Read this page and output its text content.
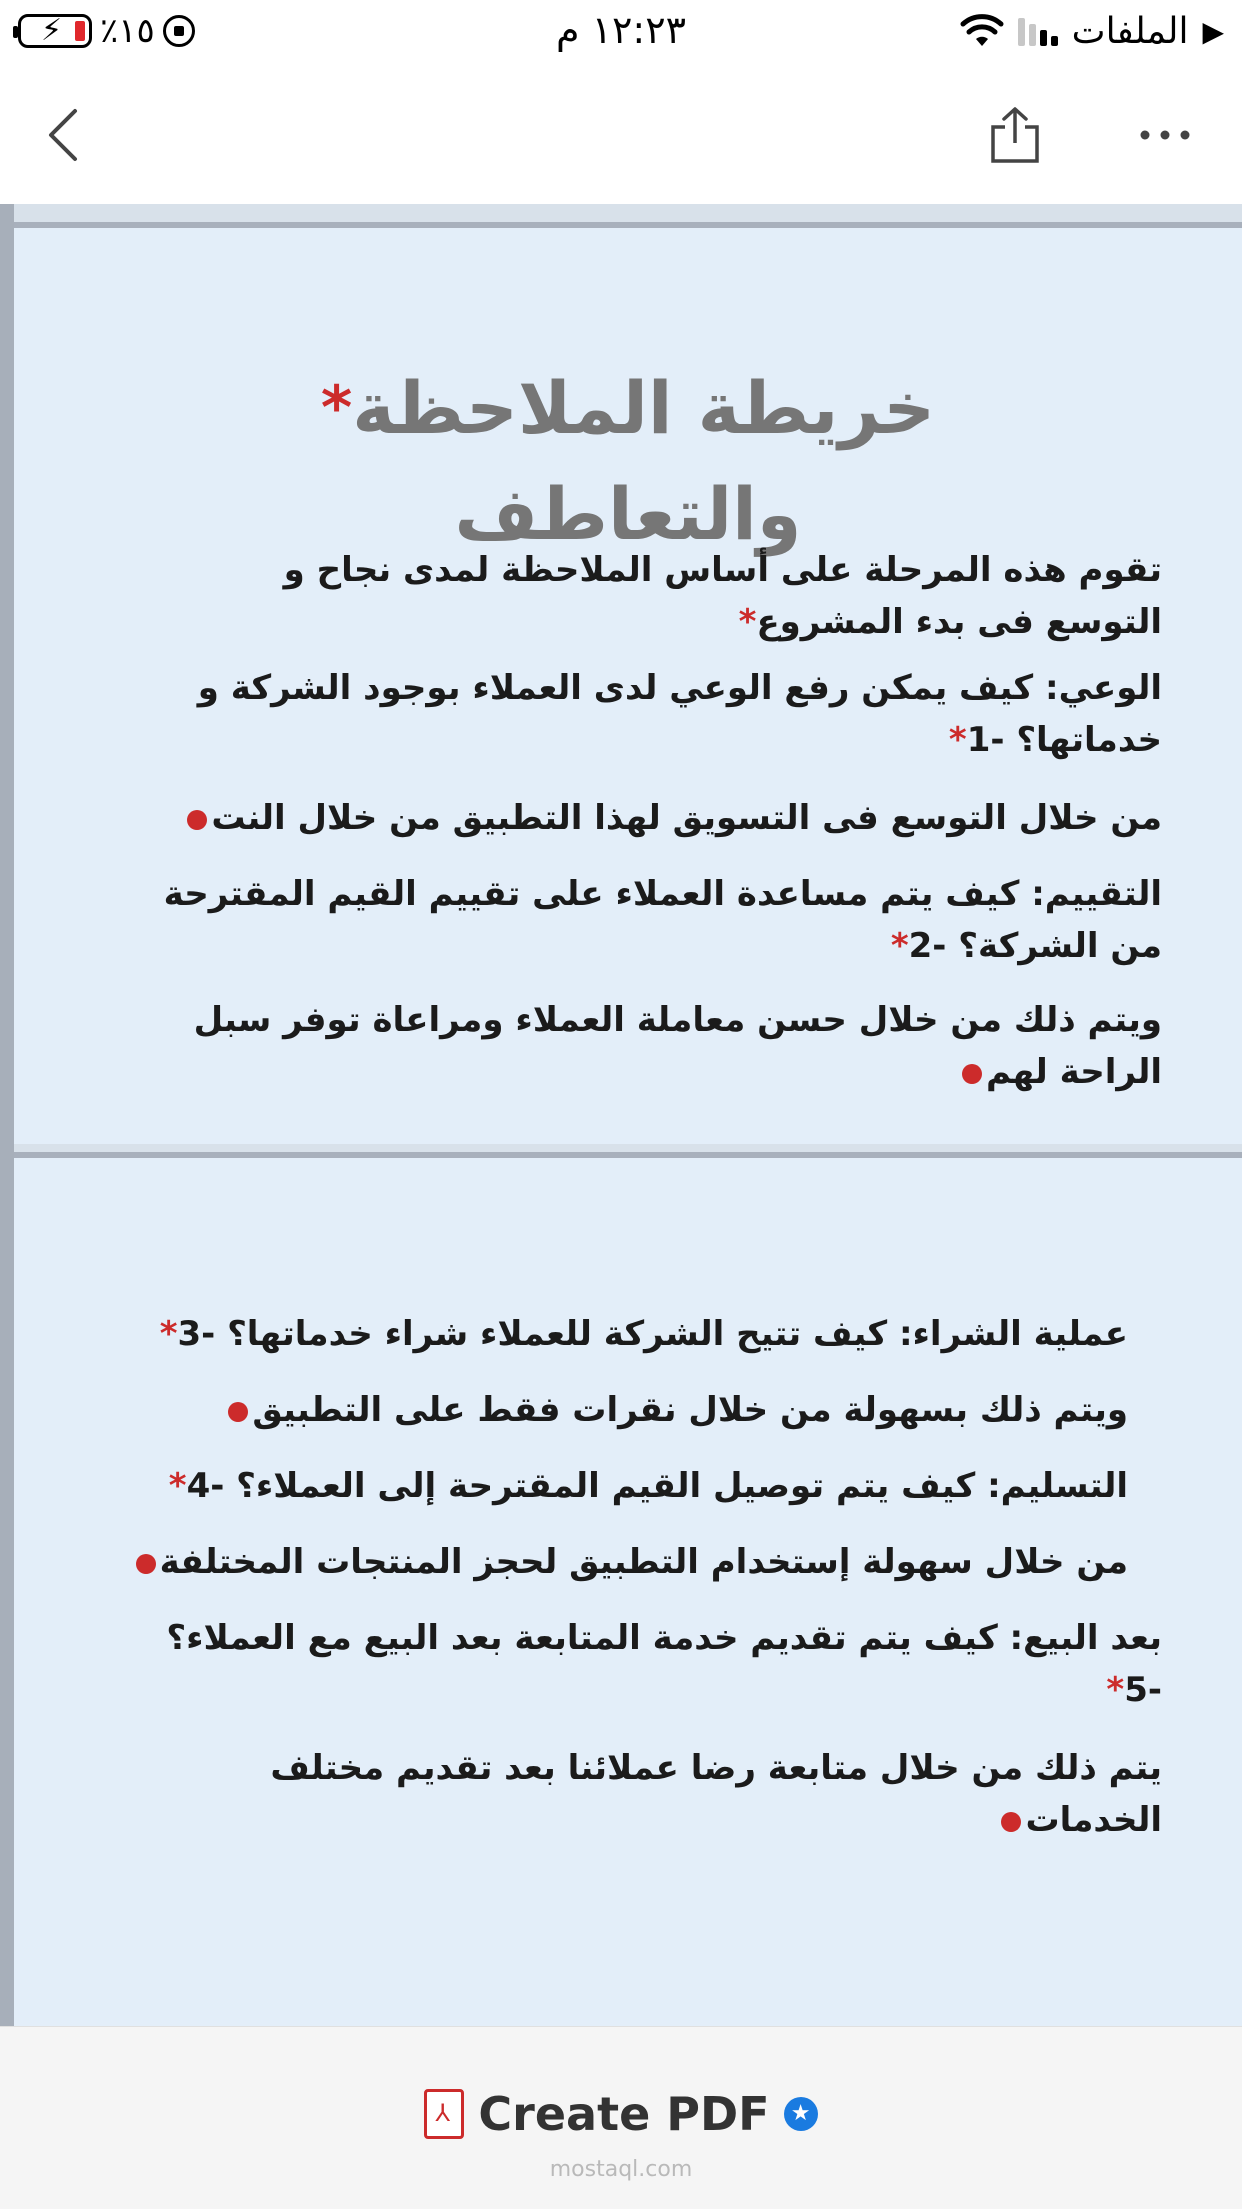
⚡ ١٥٪	١٢:٢٣ م	▶
الملفات
خريطة الملاحظة*
والتعاطف
تقوم هذه المرحلة على أساس الملاحظة لمدى نجاح و التوسع فى بدء المشروع*
الوعي: كيف يمكن رفع الوعي لدى العملاء بوجود الشركة و خدماتها؟ -1*
من خلال التوسع فى التسويق لهذا التطبيق من خلال النت
التقييم: كيف يتم مساعدة العملاء على تقييم القيم المقترحة من الشركة؟ -2*
ويتم ذلك من خلال حسن معاملة العملاء ومراعاة توفر سبل الراحة لهم
عملية الشراء: كيف تتيح الشركة للعملاء شراء خدماتها؟ -3*
ويتم ذلك بسهولة من خلال نقرات فقط على التطبيق
التسليم: كيف يتم توصيل القيم المقترحة إلى العملاء؟ -4*
من خلال سهولة إستخدام التطبيق لحجز المنتجات المختلفة
بعد البيع: كيف يتم تقديم خدمة المتابعة بعد البيع مع العملاء؟ -5*
يتم ذلك من خلال متابعة رضا عملائنا بعد تقديم مختلف الخدمات
⅄
Create PDF ★
mostaql.com
